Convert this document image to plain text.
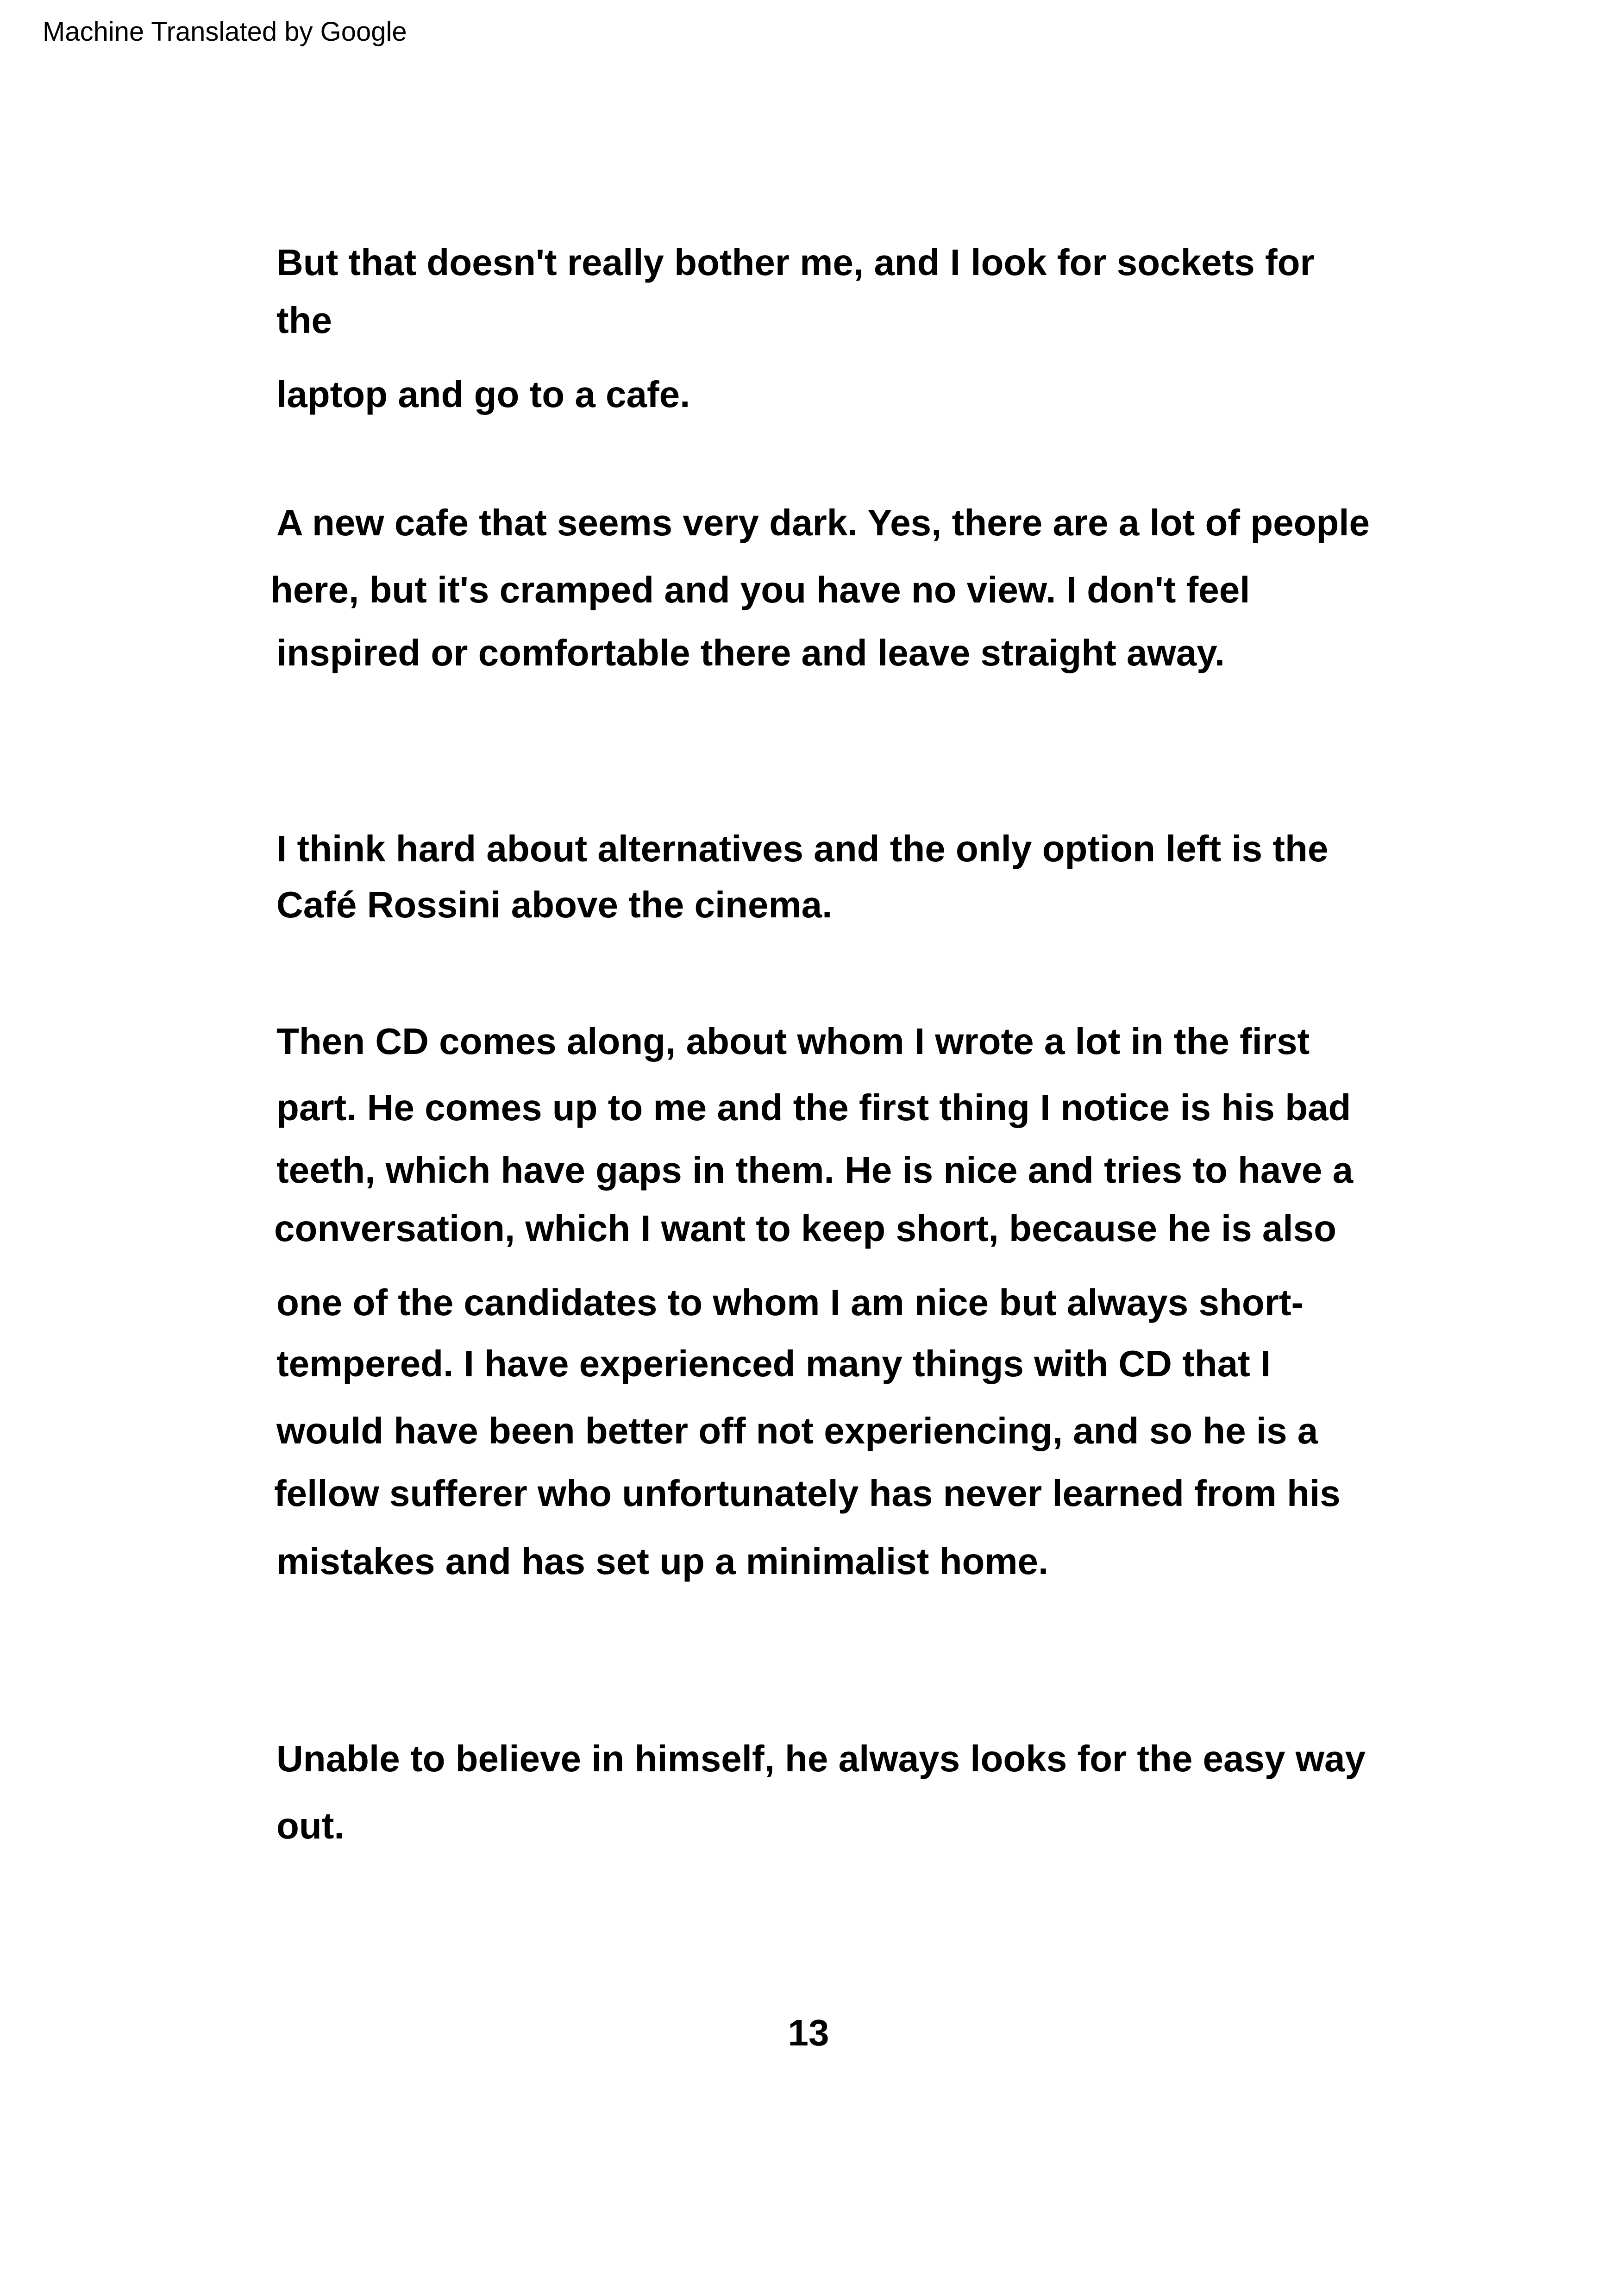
Machine Translated by Google
But that doesn't really bother me, and I look for sockets for
the
laptop and go to a cafe.
A new cafe that seems very dark. Yes, there are a lot of people
here, but it's cramped and you have no view. I don't feel
inspired or comfortable there and leave straight away.
I think hard about alternatives and the only option left is the
Café Rossini above the cinema.
Then CD comes along, about whom I wrote a lot in the first
part. He comes up to me and the first thing I notice is his bad
teeth, which have gaps in them. He is nice and tries to have a
conversation, which I want to keep short, because he is also
one of the candidates to whom I am nice but always short-
tempered. I have experienced many things with CD that I
would have been better off not experiencing, and so he is a
fellow sufferer who unfortunately has never learned from his
mistakes and has set up a minimalist home.
Unable to believe in himself, he always looks for the easy way
out.
13
